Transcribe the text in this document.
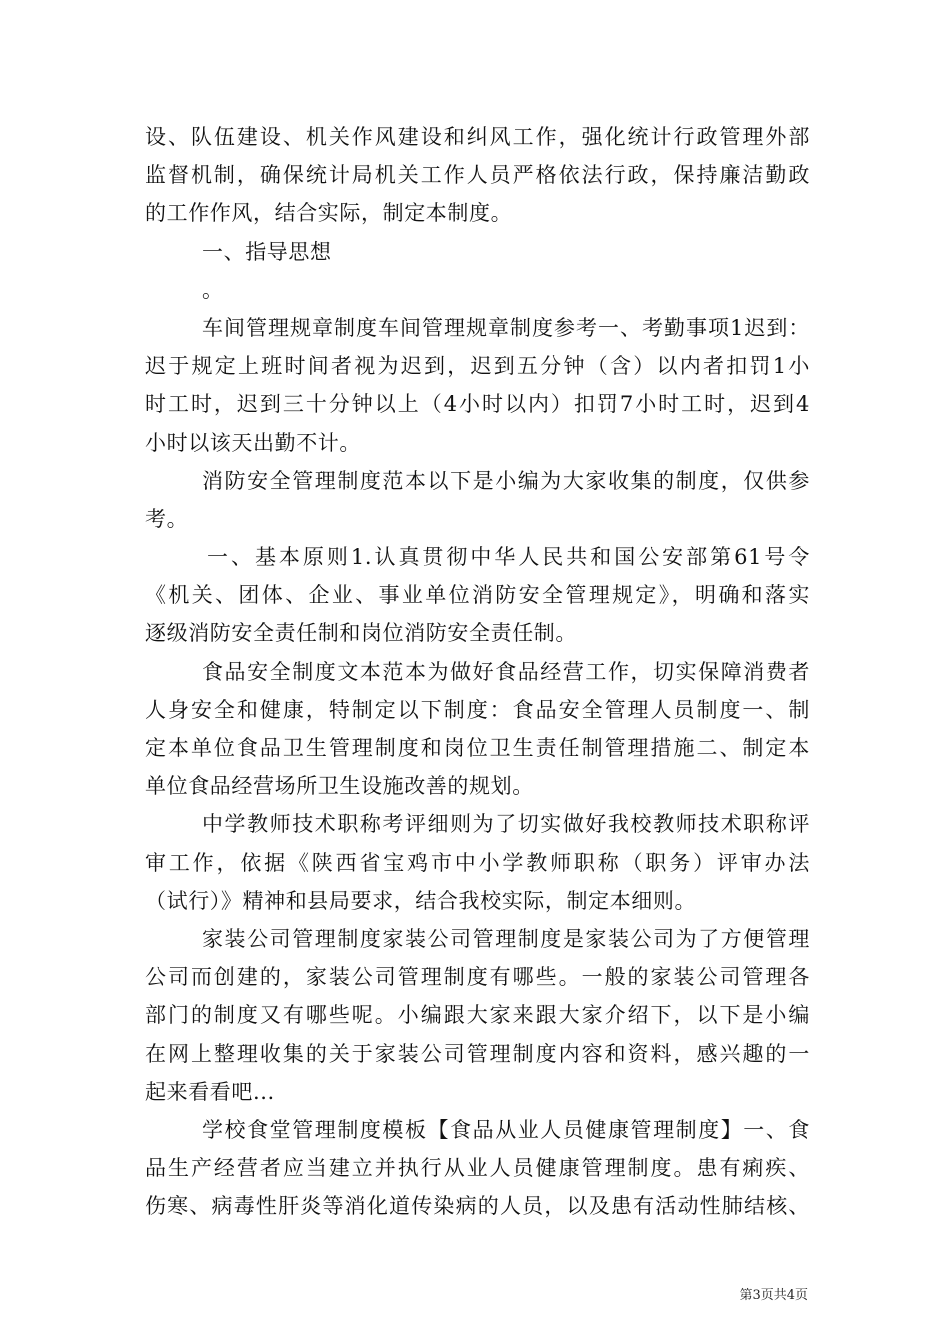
设、队伍建设、机关作风建设和纠风工作，强化统计行政管理外部
监督机制，确保统计局机关工作人员严格依法行政，保持廉洁勤政
的工作作风，结合实际，制定本制度。
一、指导思想
。
车间管理规章制度车间管理规章制度参考一、考勤事项1迟到：
迟于规定上班时间者视为迟到，迟到五分钟（含）以内者扣罚1小
时工时，迟到三十分钟以上（4小时以内）扣罚7小时工时，迟到4
小时以该天出勤不计。
消防安全管理制度范本以下是小编为大家收集的制度，仅供参
考。
一、基本原则1.认真贯彻中华人民共和国公安部第61号令
《机关、团体、企业、事业单位消防安全管理规定》，明确和落实
逐级消防安全责任制和岗位消防安全责任制。
食品安全制度文本范本为做好食品经营工作，切实保障消费者
人身安全和健康，特制定以下制度：食品安全管理人员制度一、制
定本单位食品卫生管理制度和岗位卫生责任制管理措施二、制定本
单位食品经营场所卫生设施改善的规划。
中学教师技术职称考评细则为了切实做好我校教师技术职称评
审工作，依据《陕西省宝鸡市中小学教师职称（职务）评审办法
（试行）》精神和县局要求，结合我校实际，制定本细则。
家装公司管理制度家装公司管理制度是家装公司为了方便管理
公司而创建的，家装公司管理制度有哪些。一般的家装公司管理各
部门的制度又有哪些呢。小编跟大家来跟大家介绍下，以下是小编
在网上整理收集的关于家装公司管理制度内容和资料，感兴趣的一
起来看看吧...
学校食堂管理制度模板【食品从业人员健康管理制度】一、食
品生产经营者应当建立并执行从业人员健康管理制度。患有痢疾、
伤寒、病毒性肝炎等消化道传染病的人员，以及患有活动性肺结核、
第3页共4页
